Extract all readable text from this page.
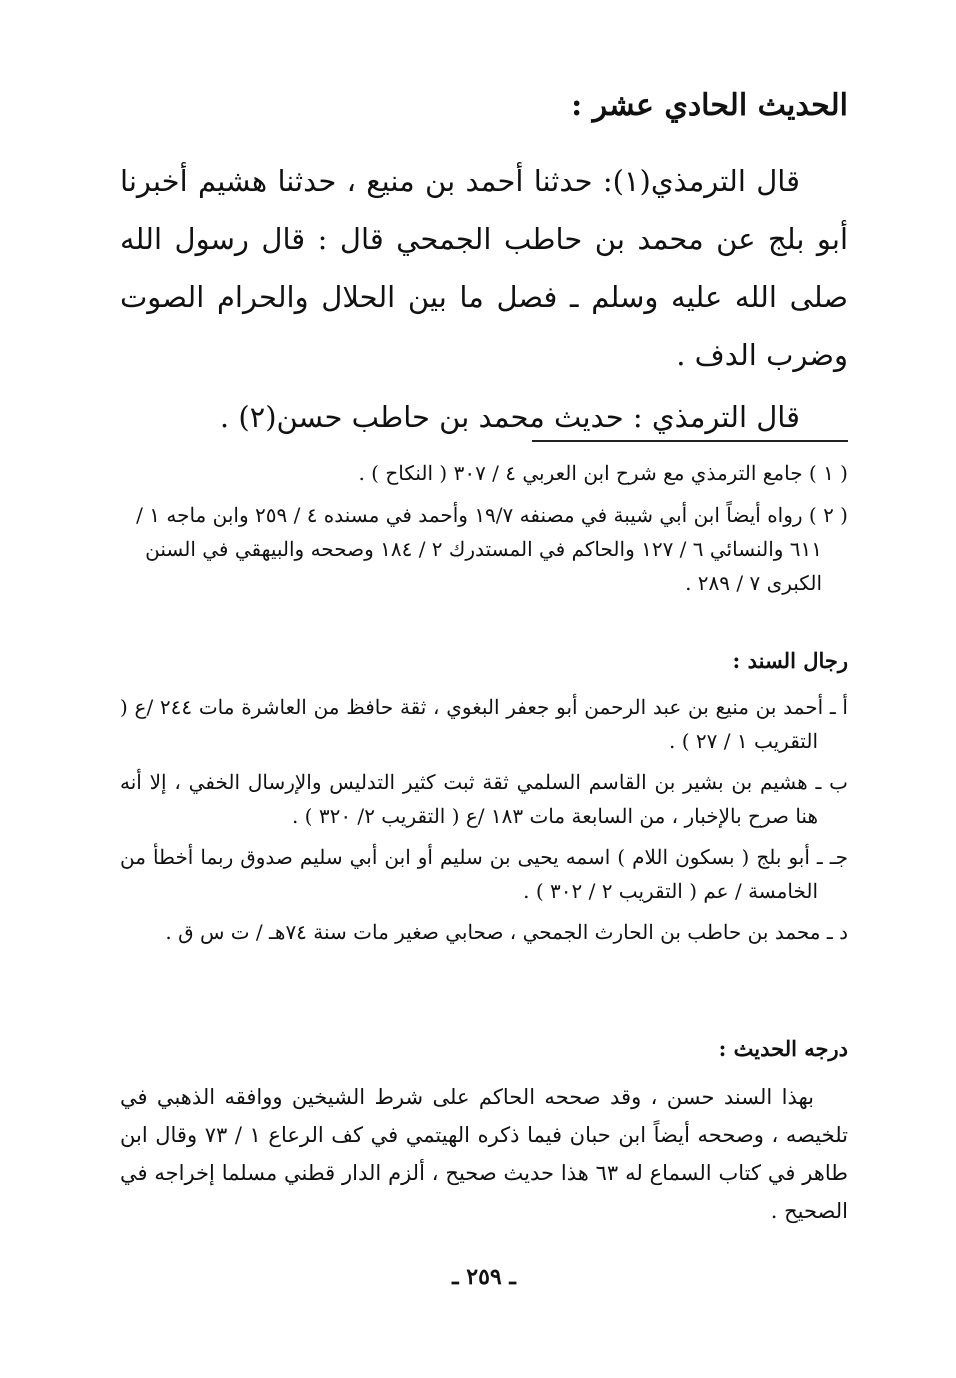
الحديث الحادي عشر :

قال الترمذي(١): حدثنا أحمد بن منيع ، حدثنا هشيم أخبرنا أبو بلج عن محمد بن حاطب الجمحي قال : قال رسول الله صلى الله عليه وسلم ـ فصل ما بين الحلال والحرام الصوت وضرب الدف .

قال الترمذي : حديث محمد بن حاطب حسن(٢) .

( ١ ) جامع الترمذي مع شرح ابن العربي ٤ / ٣٠٧ ( النكاح ) .

( ٢ ) رواه أيضاً ابن أبي شيبة في مصنفه ١٩/٧ وأحمد في مسنده ٤ / ٢٥٩ وابن ماجه ١ / ٦١١ والنسائي ٦ / ١٢٧ والحاكم في المستدرك ٢ / ١٨٤ وصححه والبيهقي في السنن الكبرى ٧ / ٢٨٩ .

رجال السند :

أ ـ أحمد بن منيع بن عبد الرحمن أبو جعفر البغوي ، ثقة حافظ من العاشرة مات ٢٤٤ /ع ( التقريب ١ / ٢٧ ) .

ب ـ هشيم بن بشير بن القاسم السلمي ثقة ثبت كثير التدليس والإرسال الخفي ، إلا أنه هنا صرح بالإخبار ، من السابعة مات ١٨٣ /ع ( التقريب ٢/ ٣٢٠ ) .

جـ ـ أبو بلج ( بسكون اللام ) اسمه يحيى بن سليم أو ابن أبي سليم صدوق ربما أخطأ من الخامسة / عم ( التقريب ٢ / ٣٠٢ ) .

د ـ محمد بن حاطب بن الحارث الجمحي ، صحابي صغير مات سنة ٧٤هـ / ت س ق .

درجه الحديث :

بهذا السند حسن ، وقد صححه الحاكم على شرط الشيخين ووافقه الذهبي في تلخيصه ، وصححه أيضاً ابن حبان فيما ذكره الهيتمي في كف الرعاع ١ / ٧٣ وقال ابن طاهر في كتاب السماع له ٦٣ هذا حديث صحيح ، ألزم الدار قطني مسلما إخراجه في الصحيح .

ـ ٢٥٩ ـ
